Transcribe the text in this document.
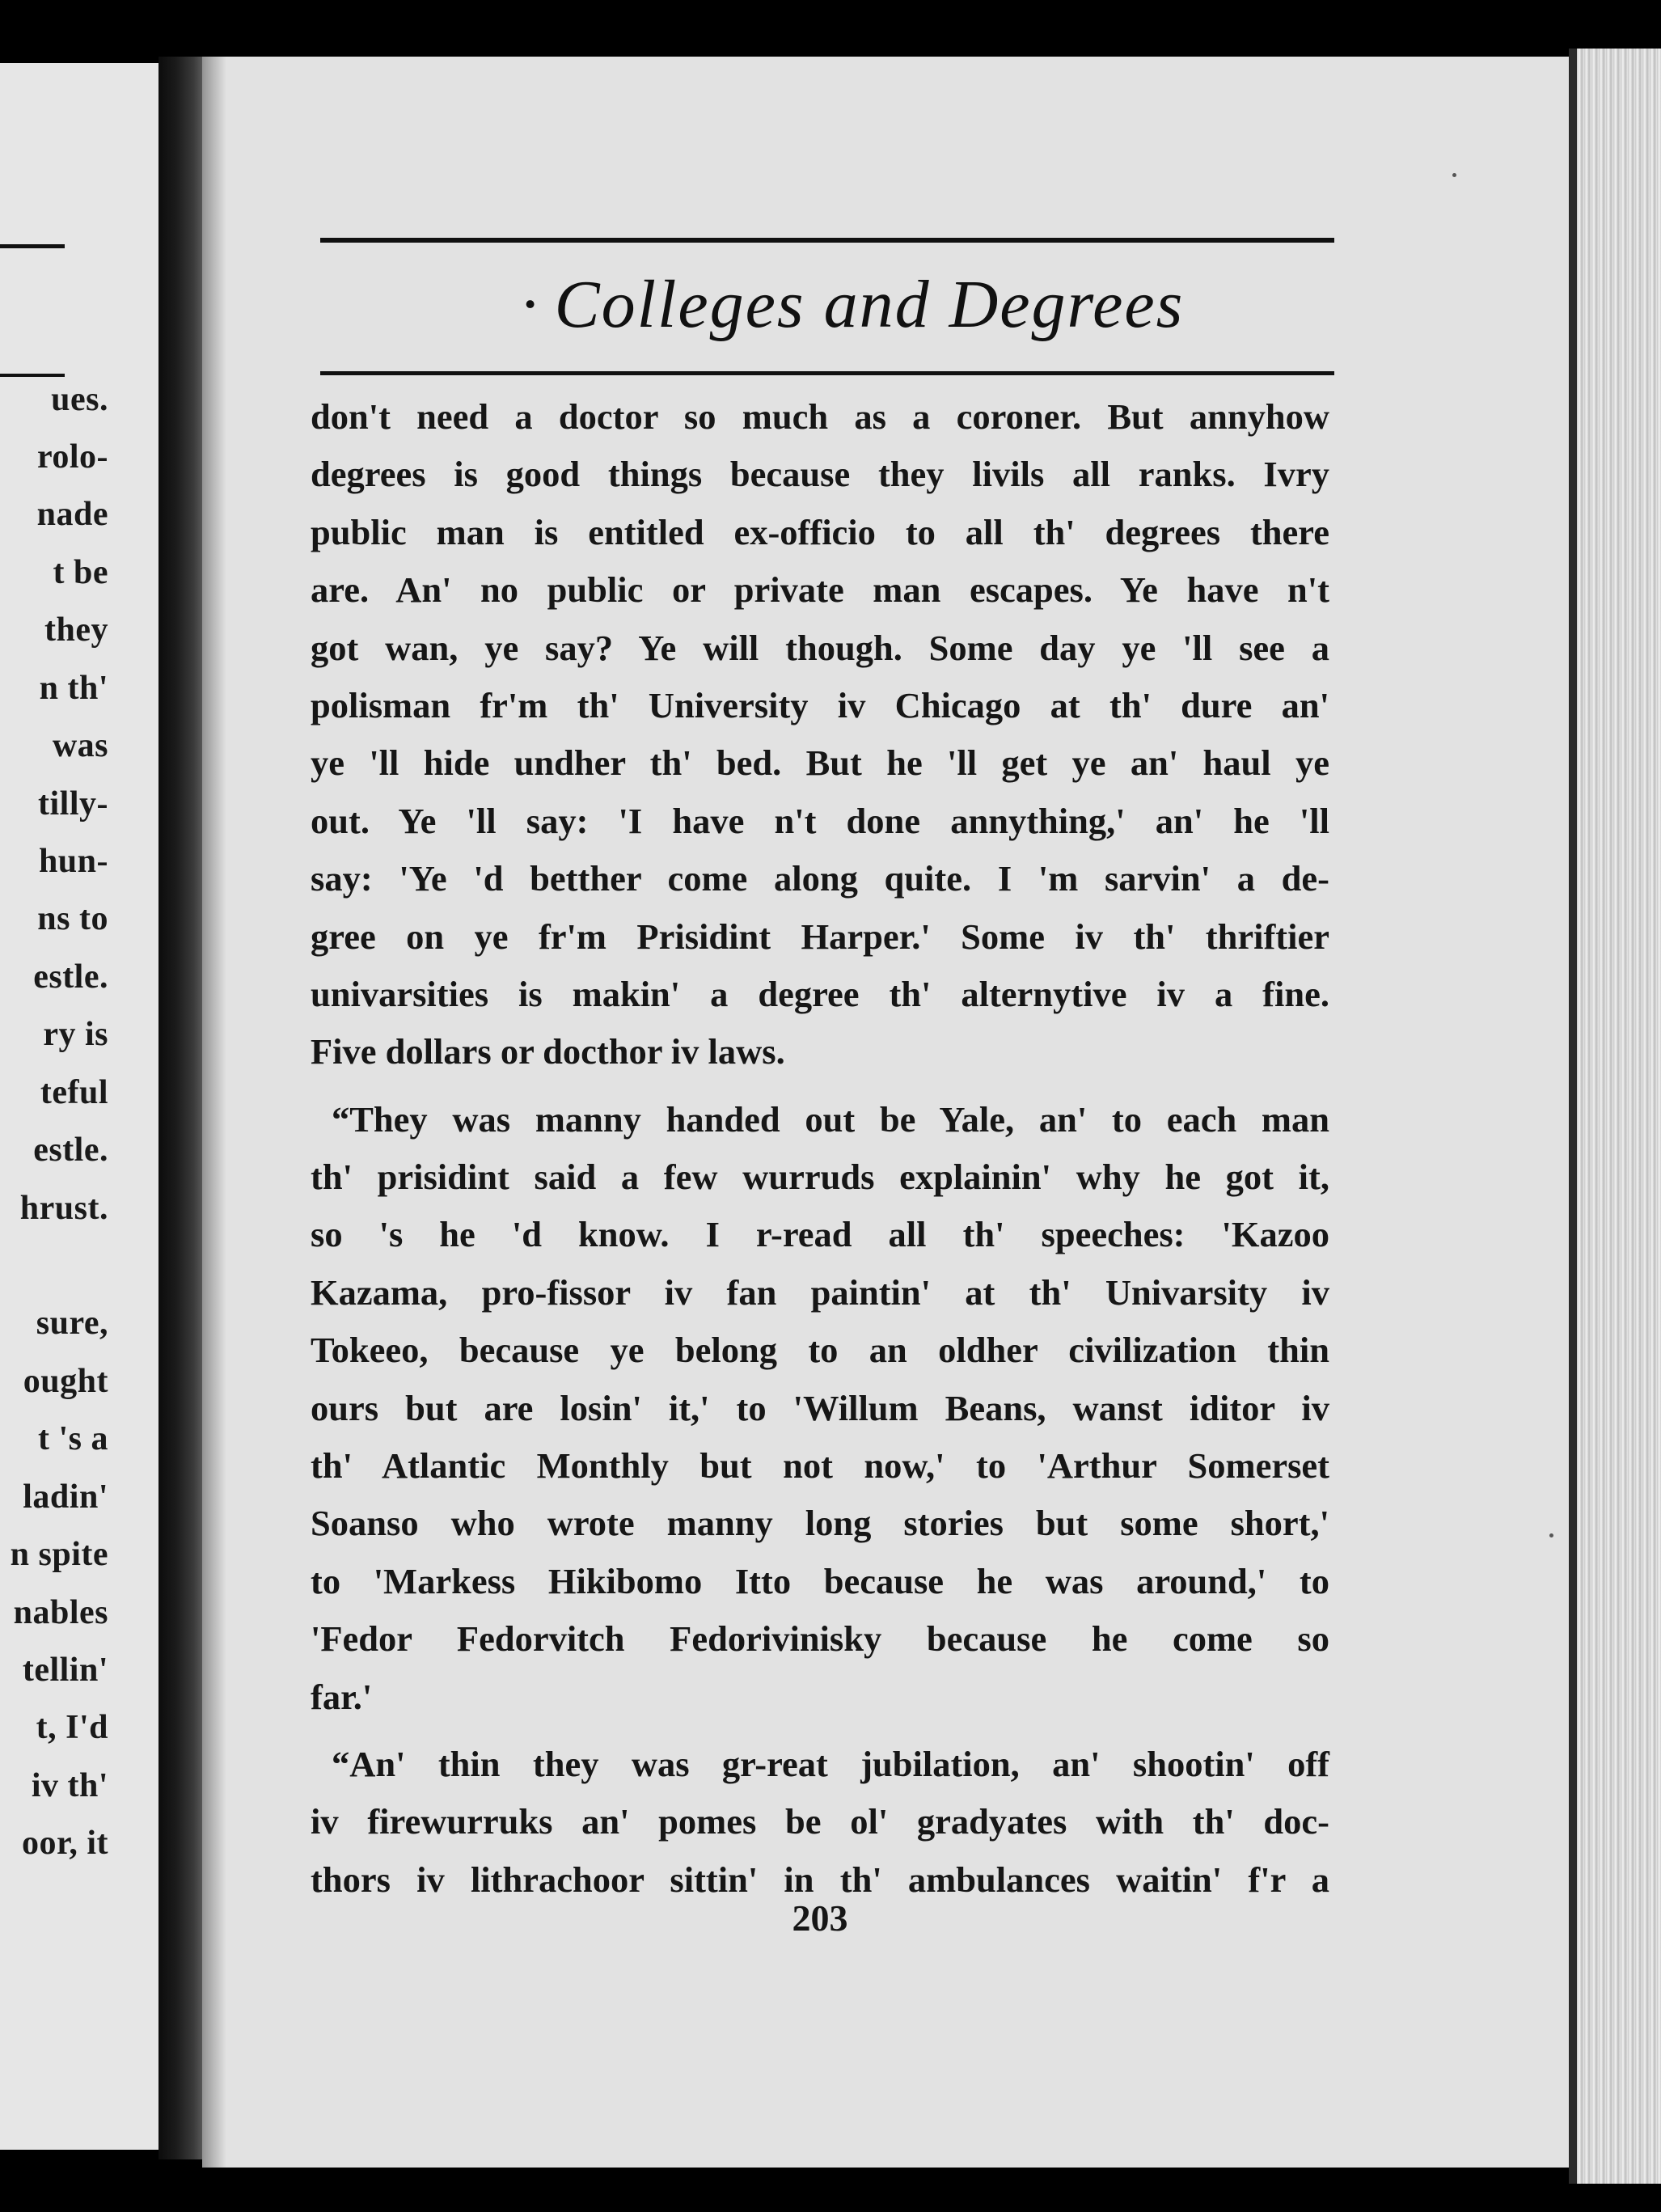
ues.
rolo-
nade
t be
they
n th'
was
tilly-
hun-
ns to
estle.
ry is
teful
estle.
hrust.
sure,
ought
t 's a
ladin'
n spite
nables
tellin'
t, I'd
iv th'
oor, it
· Colleges and Degrees
don't need a doctor so much as a coroner. But annyhow
degrees is good things because they livils all ranks. Ivry
public man is entitled ex-officio to all th' degrees there
are. An' no public or private man escapes. Ye have n't
got wan, ye say? Ye will though. Some day ye 'll see a
polisman fr'm th' University iv Chicago at th' dure an'
ye 'll hide undher th' bed. But he 'll get ye an' haul ye
out. Ye 'll say: 'I have n't done annything,' an' he 'll
say: 'Ye 'd betther come along quite. I 'm sarvin' a de-
gree on ye fr'm Prisidint Harper.' Some iv th' thriftier
univarsities is makin' a degree th' alternytive iv a fine.
Five dollars or docthor iv laws.
“They was manny handed out be Yale, an' to each man
th' prisidint said a few wurruds explainin' why he got it,
so 's he 'd know. I r-read all th' speeches: 'Kazoo
Kazama, pro-fissor iv fan paintin' at th' Univarsity iv
Tokeeo, because ye belong to an oldher civilization thin
ours but are losin' it,' to 'Willum Beans, wanst iditor iv
th' Atlantic Monthly but not now,' to 'Arthur Somerset
Soanso who wrote manny long stories but some short,'
to 'Markess Hikibomo Itto because he was around,' to
'Fedor Fedorvitch Fedorivinisky because he come so
far.'
“An' thin they was gr-reat jubilation, an' shootin' off
iv firewurruks an' pomes be ol' gradyates with th' doc-
thors iv lithrachoor sittin' in th' ambulances waitin' f'r a
203
